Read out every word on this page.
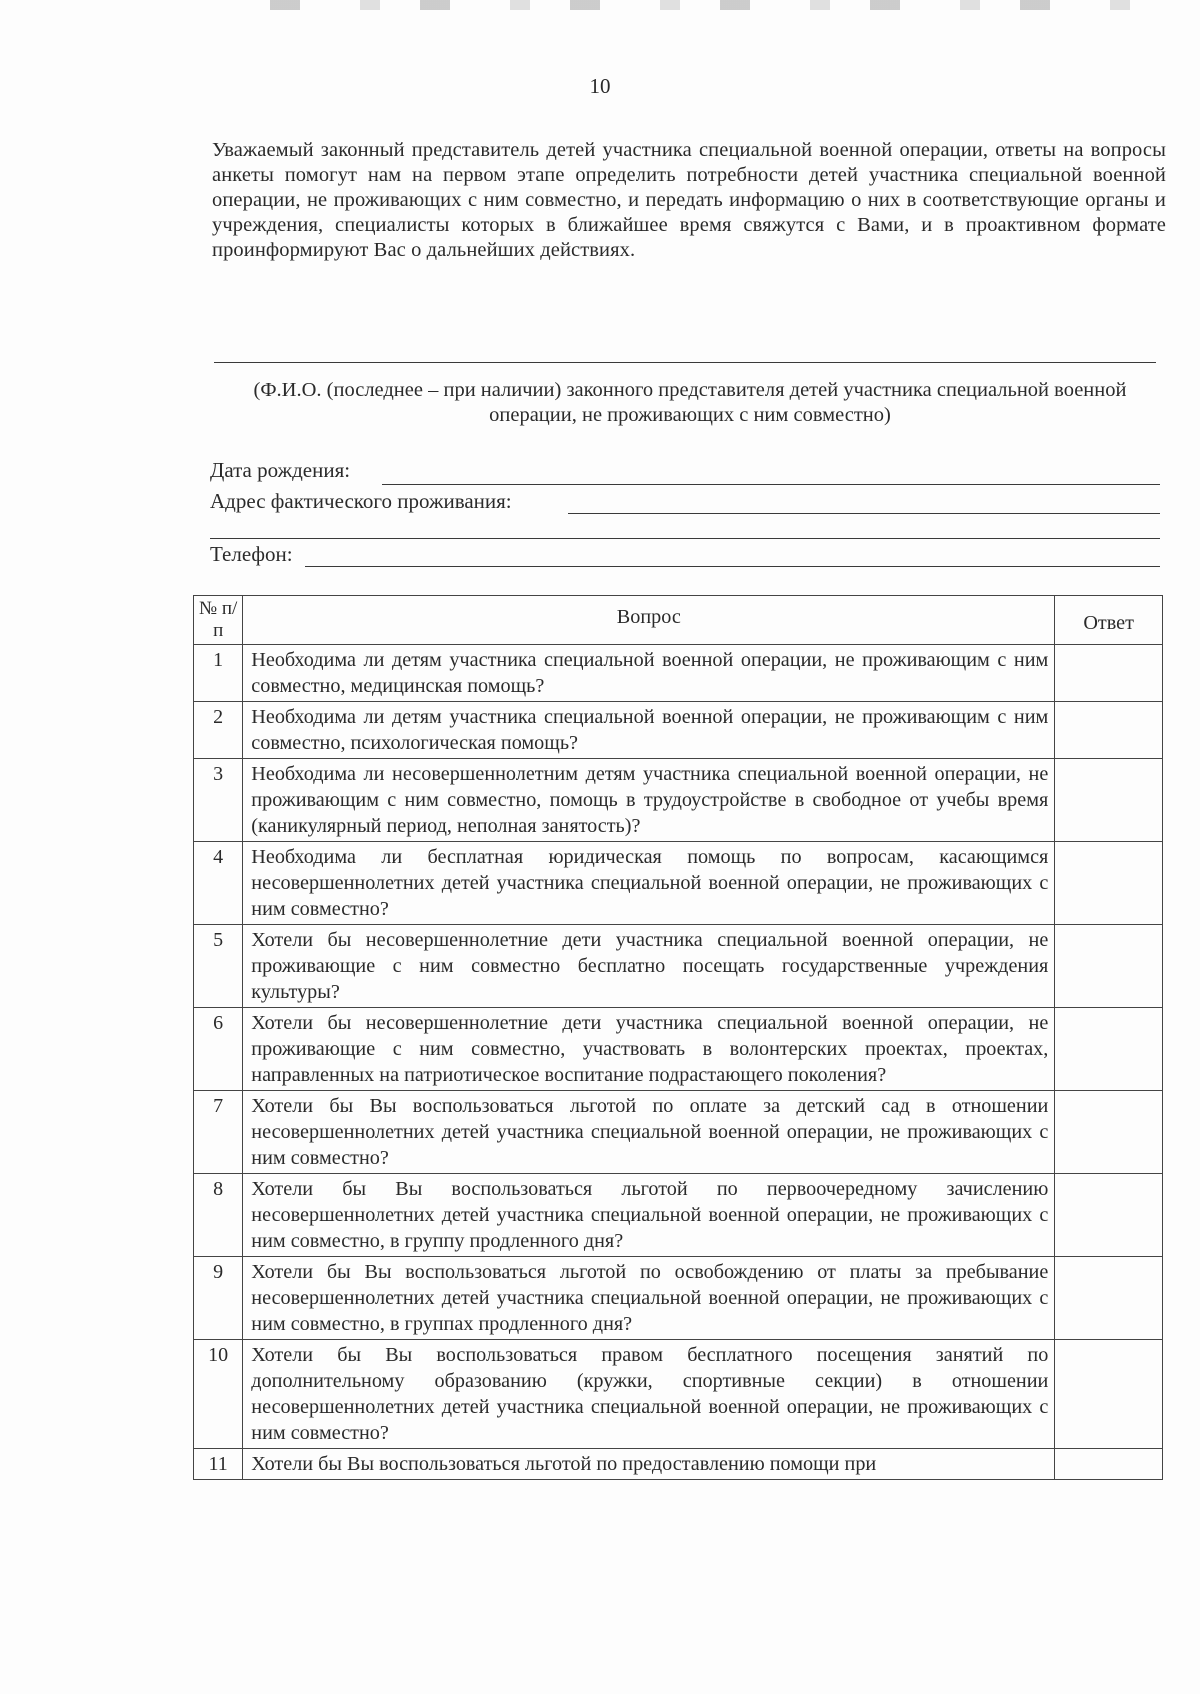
10
Уважаемый законный представитель детей участника специальной военной операции, ответы на вопросы анкеты помогут нам на первом этапе определить потребности детей участника специальной военной операции, не проживающих с ним совместно, и передать информацию о них в соответствующие органы и учреждения, специалисты которых в ближайшее время свяжутся с Вами, и в проактивном формате проинформируют Вас о дальнейших действиях.
(Ф.И.О. (последнее – при наличии) законного представителя детей участника специальной военной операции, не проживающих с ним совместно)
Дата рождения:
Адрес фактического проживания:
Телефон:
№ п/п	Вопрос	Ответ
1	Необходима ли детям участника специальной военной операции, не проживающим с ним совместно, медицинская помощь?	
2	Необходима ли детям участника специальной военной операции, не проживающим с ним совместно, психологическая помощь?	
3	Необходима ли несовершеннолетним детям участника специальной военной операции, не проживающим с ним совместно, помощь в трудоустройстве в свободное от учебы время (каникулярный период, неполная занятость)?	
4	Необходима ли бесплатная юридическая помощь по вопросам, касающимся несовершеннолетних детей участника специальной военной операции, не проживающих с ним совместно?	
5	Хотели бы несовершеннолетние дети участника специальной военной операции, не проживающие с ним совместно бесплатно посещать государственные учреждения культуры?	
6	Хотели бы несовершеннолетние дети участника специальной военной операции, не проживающие с ним совместно, участвовать в волонтерских проектах, проектах, направленных на патриотическое воспитание подрастающего поколения?	
7	Хотели бы Вы воспользоваться льготой по оплате за детский сад в отношении несовершеннолетних детей участника специальной военной операции, не проживающих с ним совместно?	
8	Хотели бы Вы воспользоваться льготой по первоочередному зачислению несовершеннолетних детей участника специальной военной операции, не проживающих с ним совместно, в группу продленного дня?	
9	Хотели бы Вы воспользоваться льготой по освобождению от платы за пребывание несовершеннолетних детей участника специальной военной операции, не проживающих с ним совместно, в группах продленного дня?	
10	Хотели бы Вы воспользоваться правом бесплатного посещения занятий по дополнительному образованию (кружки, спортивные секции) в отношении несовершеннолетних детей участника специальной военной операции, не проживающих с ним совместно?	
11	Хотели бы Вы воспользоваться льготой по предоставлению помощи при	
